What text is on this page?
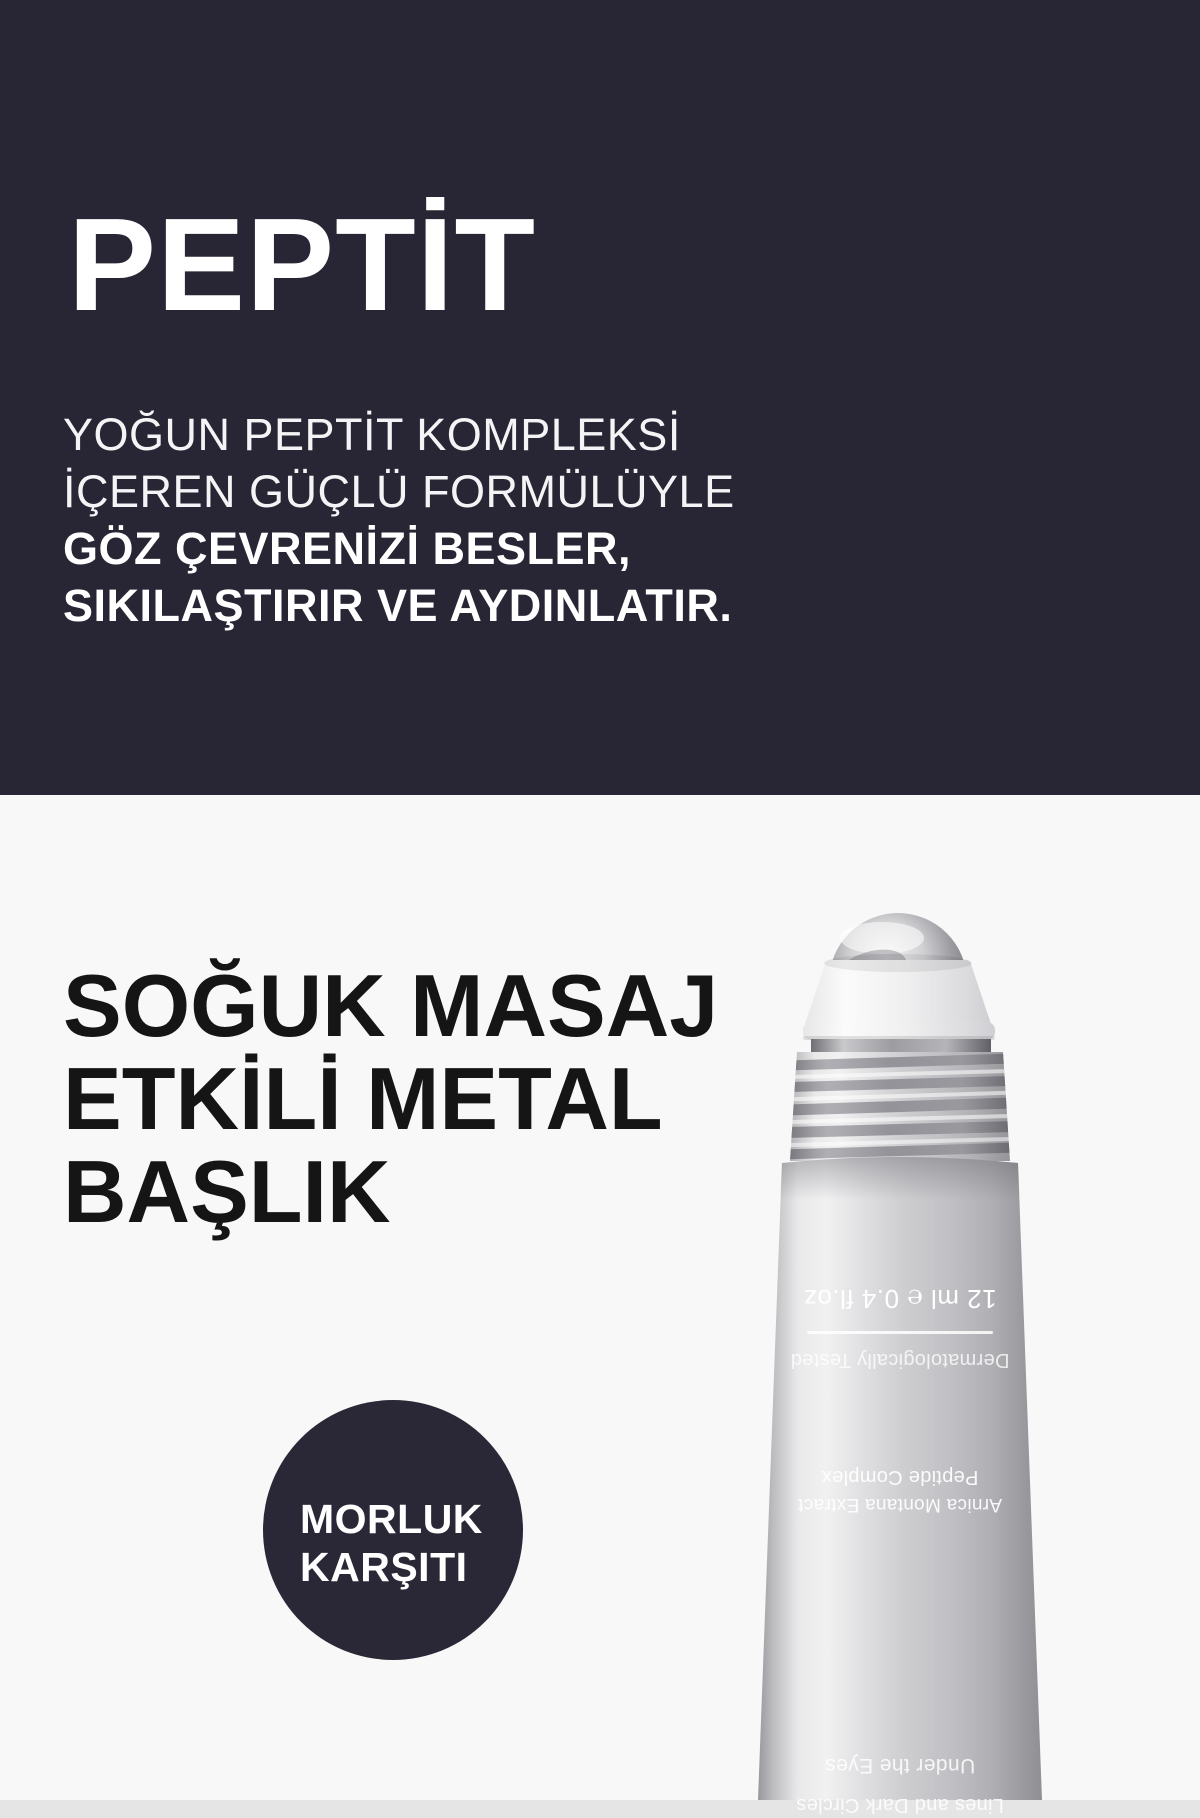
PEPTİT
YOĞUN PEPTİT KOMPLEKSİ
İÇEREN GÜÇLÜ FORMÜLÜYLE
GÖZ ÇEVRENİZİ BESLER,
SIKILAŞTIRIR VE AYDINLATIR.
12 ml ℮ 0.4 fl.oz
Dermatologically Tested
Peptide Complex
Arnica Montana Extract
Under the Eyes
Lines and Dark Circles
SOĞUK MASAJ
ETKİLİ METAL
BAŞLIK
MORLUK
KARŞITI
